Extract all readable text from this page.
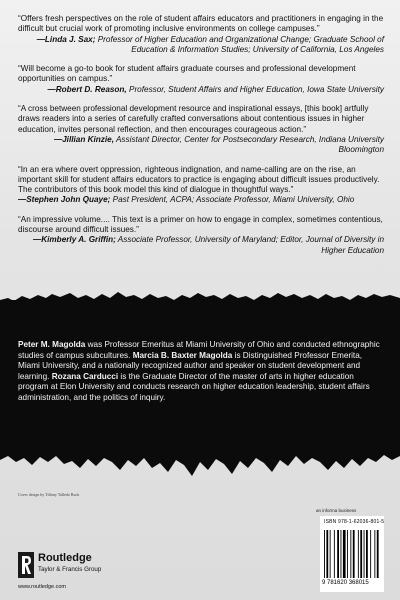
“Offers fresh perspectives on the role of student affairs educators and practitioners in engaging in the difficult but crucial work of promoting inclusive environments on college campuses.”
—Linda J. Sax; Professor of Higher Education and Organizational Change; Graduate School of Education & Information Studies; University of California, Los Angeles
“Will become a go-to book for student affairs graduate courses and professional development opportunities on campus.”
—Robert D. Reason, Professor, Student Affairs and Higher Education, Iowa State University
“A cross between professional development resource and inspirational essays, [this book] artfully draws readers into a series of carefully crafted conversations about contentious issues in higher education, invites personal reflection, and then encourages courageous action.”
—Jillian Kinzie, Assistant Director, Center for Postsecondary Research, Indiana University Bloomington
“In an era where overt oppression, righteous indignation, and name-calling are on the rise, an important skill for student affairs educators to practice is engaging about difficult issues productively. The contributors of this book model this kind of dialogue in thoughtful ways.”
—Stephen John Quaye; Past President, ACPA; Associate Professor, Miami University, Ohio
“An impressive volume.... This text is a primer on how to engage in complex, sometimes contentious, discourse around difficult issues.”
—Kimberly A. Griffin; Associate Professor, University of Maryland; Editor, Journal of Diversity in Higher Education
Peter M. Magolda was Professor Emeritus at Miami University of Ohio and conducted ethnographic studies of campus subcultures. Marcia B. Baxter Magolda is Distinguished Professor Emerita, Miami University, and a nationally recognized author and speaker on student development and learning. Rozana Carducci is the Graduate Director of the master of arts in higher education program at Elon University and conducts research on higher education leadership, student affairs administration, and the politics of inquiry.
Cover design by Tiffany Talledo Buck
an informa business
ISBN 978-1-62036-801-5
9 781620 368015
Routledge
Taylor & Francis Group
www.routledge.com
